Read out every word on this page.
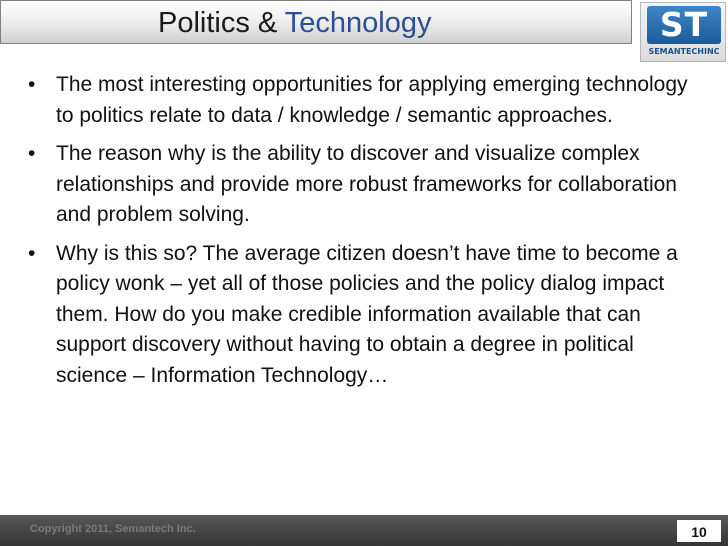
Politics & Technology	ST
SEMANTECHINC
• The most interesting opportunities for applying emerging technology to politics relate to data / knowledge / semantic approaches.
• The reason why is the ability to discover and visualize complex relationships and provide more robust frameworks for collaboration and problem solving.
• Why is this so? The average citizen doesn’t have time to become a policy wonk – yet all of those policies and the policy dialog impact them. How do you make credible information available that can support discovery without having to obtain a degree in political science – Information Technology…
Copyright 2011, Semantech Inc.	10
